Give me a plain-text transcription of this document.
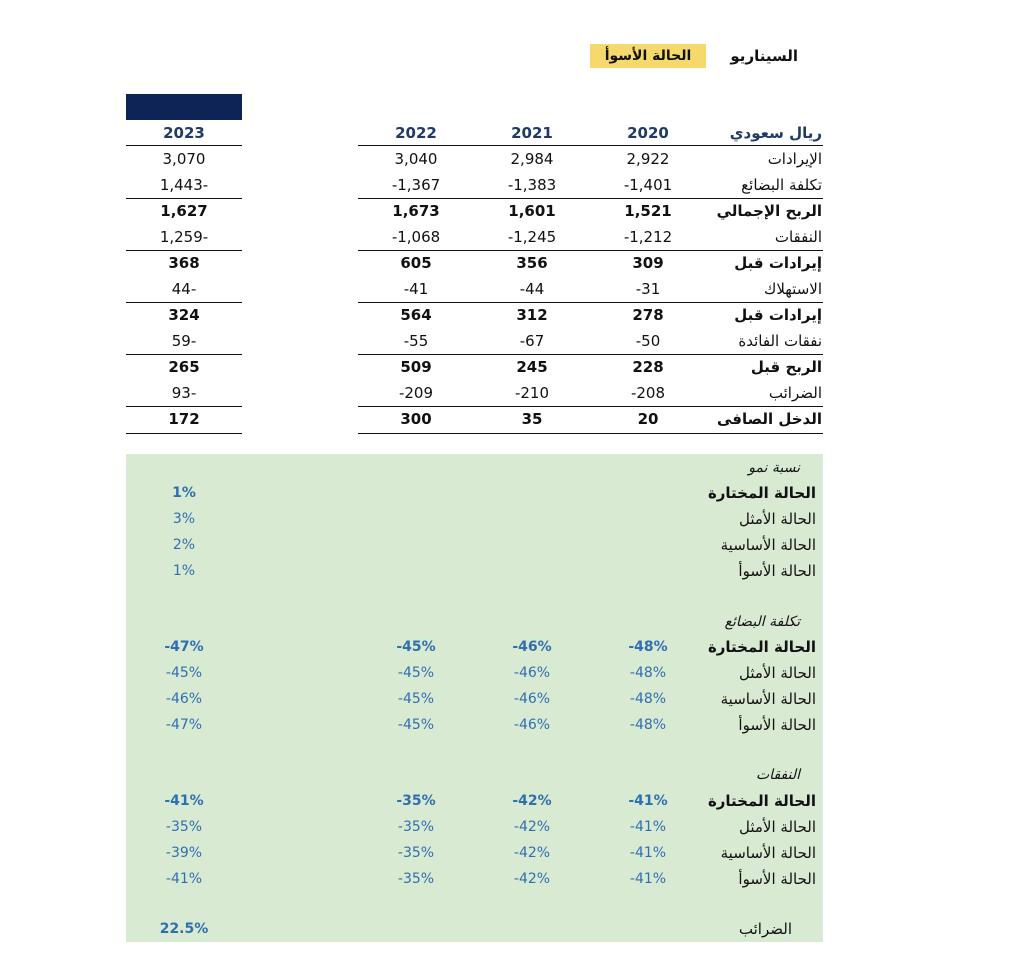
السيناريو
الحالة الأسوأ
ريال سعودي
2020
2021
2022
2023
الإيرادات
2,922
2,984
3,040
3,070
تكلفة البضائع
-1,401
-1,383
-1,367
1,443-
الربح الإجمالي
1,521
1,601
1,673
1,627
النفقات
-1,212
-1,245
-1,068
1,259-
إيرادات قبل
309
356
605
368
الاستهلاك
-31
-44
-41
44-
إيرادات قبل
278
312
564
324
نفقات الفائدة
-50
-67
-55
59-
الربح قبل
228
245
509
265
الضرائب
-208
-210
-209
93-
الدخل الصافى
20
35
300
172
نسبة نمو
الحالة المختارة
1%
الحالة الأمثل
3%
الحالة الأساسية
2%
الحالة الأسوأ
1%
تكلفة البضائع
الحالة المختارة
-48%
-46%
-45%
-47%
الحالة الأمثل
-48%
-46%
-45%
-45%
الحالة الأساسية
-48%
-46%
-45%
-46%
الحالة الأسوأ
-48%
-46%
-45%
-47%
النفقات
الحالة المختارة
-41%
-42%
-35%
-41%
الحالة الأمثل
-41%
-42%
-35%
-35%
الحالة الأساسية
-41%
-42%
-35%
-39%
الحالة الأسوأ
-41%
-42%
-35%
-41%
الضرائب
22.5%
